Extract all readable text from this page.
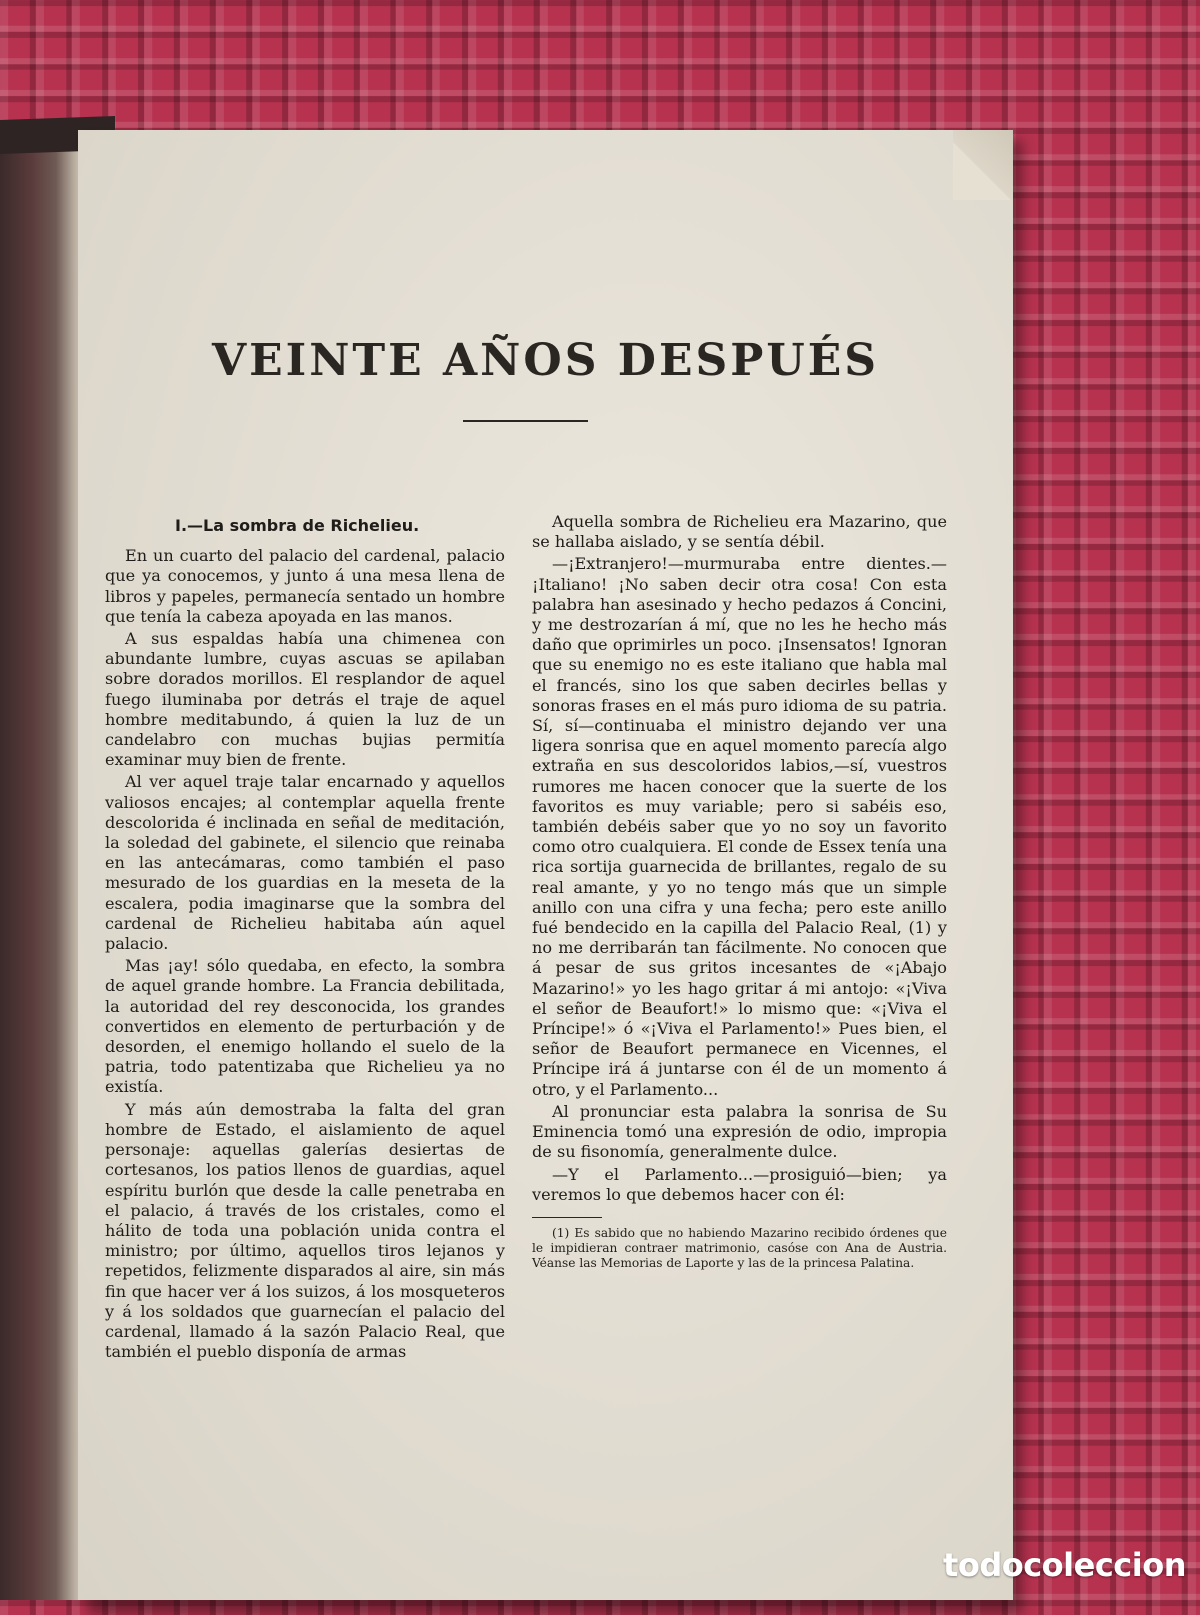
VEINTE AÑOS DESPUÉS
I.—La sombra de Richelieu.

En un cuarto del palacio del cardenal, palacio que ya conocemos, y junto á una mesa llena de libros y papeles, permanecía sentado un hombre que tenía la cabeza apoyada en las manos.

A sus espaldas había una chimenea con abundante lumbre, cuyas ascuas se apilaban sobre dorados morillos. El resplandor de aquel fuego iluminaba por detrás el traje de aquel hombre meditabundo, á quien la luz de un candelabro con muchas bujias permitía examinar muy bien de frente.

Al ver aquel traje talar encarnado y aquellos valiosos encajes; al contemplar aquella frente descolorida é inclinada en señal de meditación, la soledad del gabinete, el silencio que reinaba en las antecámaras, como también el paso mesurado de los guardias en la meseta de la escalera, podia imaginarse que la sombra del cardenal de Richelieu habitaba aún aquel palacio.

Mas ¡ay! sólo quedaba, en efecto, la sombra de aquel grande hombre. La Francia debilitada, la autoridad del rey desconocida, los grandes convertidos en elemento de perturbación y de desorden, el enemigo hollando el suelo de la patria, todo patentizaba que Richelieu ya no existía.

Y más aún demostraba la falta del gran hombre de Estado, el aislamiento de aquel personaje: aquellas galerías desiertas de cortesanos, los patios llenos de guardias, aquel espíritu burlón que desde la calle penetraba en el palacio, á través de los cristales, como el hálito de toda una población unida contra el ministro; por último, aquellos tiros lejanos y repetidos, felizmente disparados al aire, sin más fin que hacer ver á los suizos, á los mosqueteros y á los soldados que guarnecían el palacio del cardenal, llamado á la sazón Palacio Real, que también el pueblo disponía de armas

Aquella sombra de Richelieu era Mazarino, que se hallaba aislado, y se sentía débil.

—¡Extranjero!—murmuraba entre dientes.—¡Italiano! ¡No saben decir otra cosa! Con esta palabra han asesinado y hecho pedazos á Concini, y me destrozarían á mí, que no les he hecho más daño que oprimirles un poco. ¡Insensatos! Ignoran que su enemigo no es este italiano que habla mal el francés, sino los que saben decirles bellas y sonoras frases en el más puro idioma de su patria. Sí, sí—continuaba el ministro dejando ver una ligera sonrisa que en aquel momento parecía algo extraña en sus descoloridos labios,—sí, vuestros rumores me hacen conocer que la suerte de los favoritos es muy variable; pero si sabéis eso, también debéis saber que yo no soy un favorito como otro cualquiera. El conde de Essex tenía una rica sortija guarnecida de brillantes, regalo de su real amante, y yo no tengo más que un simple anillo con una cifra y una fecha; pero este anillo fué bendecido en la capilla del Palacio Real, (1) y no me derribarán tan fácilmente. No conocen que á pesar de sus gritos incesantes de «¡Abajo Mazarino!» yo les hago gritar á mi antojo: «¡Viva el señor de Beaufort!» lo mismo que: «¡Viva el Príncipe!» ó «¡Viva el Parlamento!» Pues bien, el señor de Beaufort permanece en Vicennes, el Príncipe irá á juntarse con él de un momento á otro, y el Parlamento...

Al pronunciar esta palabra la sonrisa de Su Eminencia tomó una expresión de odio, impropia de su fisonomía, generalmente dulce.

—Y el Parlamento...—prosiguió—bien; ya veremos lo que debemos hacer con él:

(1) Es sabido que no habiendo Mazarino recibido órdenes que le impidieran contraer matrimonio, casóse con Ana de Austria. Véanse las Memorias de Laporte y las de la princesa Palatina.

todocoleccion
